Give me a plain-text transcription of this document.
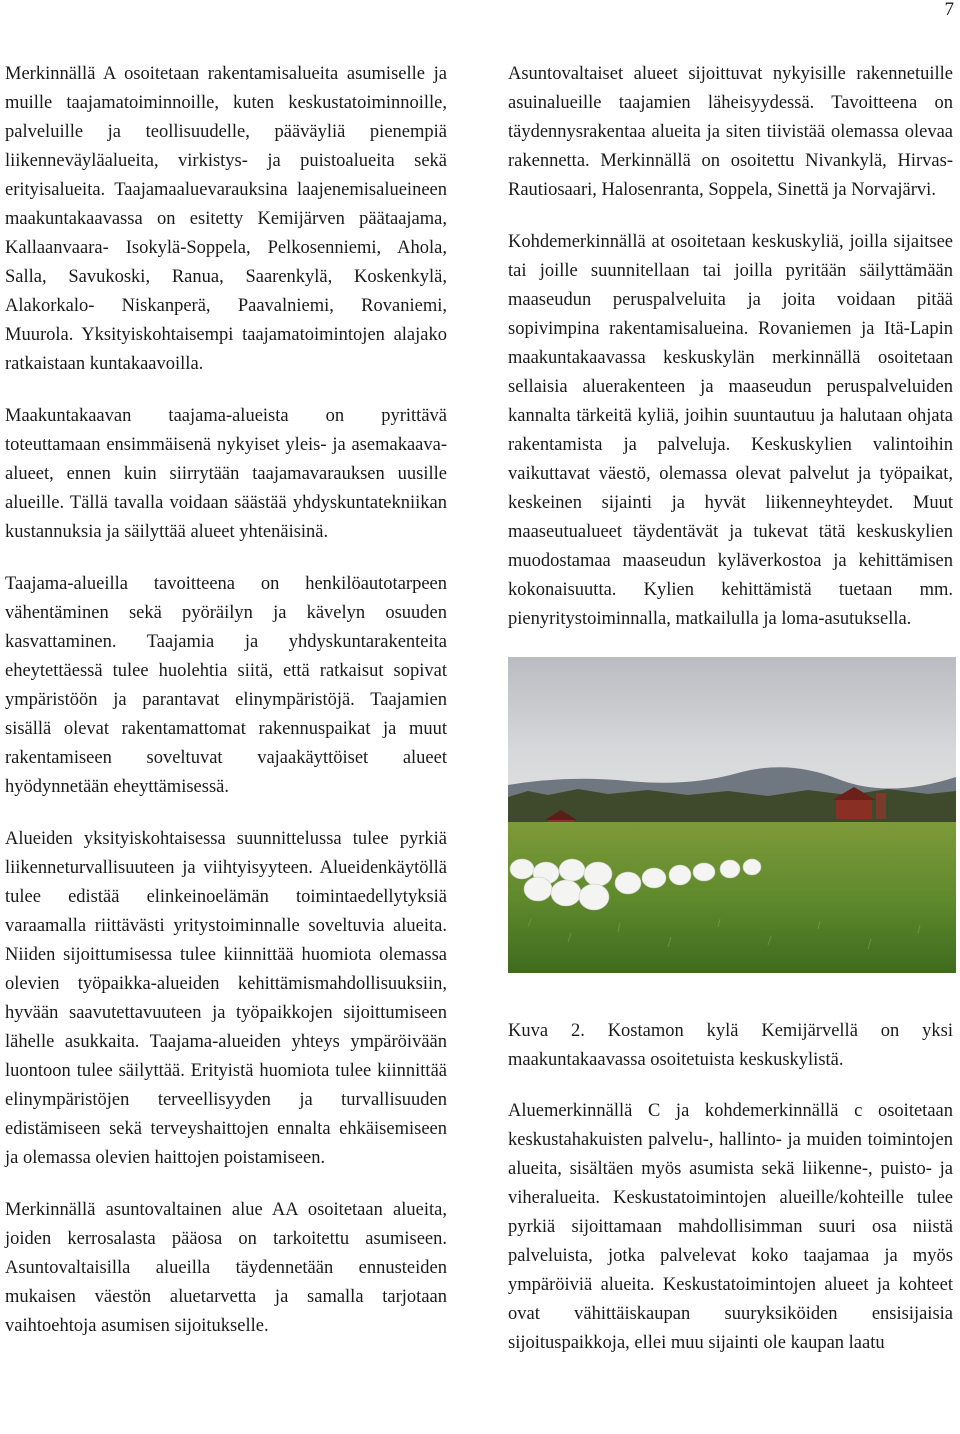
7

Merkinnällä A osoitetaan rakentamisalueita asumiselle ja muille taajamatoiminnoille, kuten keskustatoiminnoille, palveluille ja teollisuudelle, pääväyliä pienempiä liikenneväyläalueita, virkistys- ja puistoalueita sekä erityisalueita. Taajamaaluevarauksina laajenemisalueineen maakuntakaavassa on esitetty Kemijärven päätaajama, Kallaanvaara- Isokylä-Soppela, Pelkosenniemi, Ahola, Salla, Savukoski, Ranua, Saarenkylä, Koskenkylä, Alakorkalo- Niskanperä, Paavalniemi, Rovaniemi, Muurola. Yksityiskohtaisempi taajamatoimintojen alajako ratkaistaan kuntakaavoilla.

Maakuntakaavan taajama-alueista on pyrittävä toteuttamaan ensimmäisenä nykyiset yleis- ja asemakaava-alueet, ennen kuin siirrytään taajamavarauksen uusille alueille. Tällä tavalla voidaan säästää yhdyskuntatekniikan kustannuksia ja säilyttää alueet yhtenäisinä.

Taajama-alueilla tavoitteena on henkilöautotarpeen vähentäminen sekä pyöräilyn ja kävelyn osuuden kasvattaminen. Taajamia ja yhdyskuntarakenteita eheytettäessä tulee huolehtia siitä, että ratkaisut sopivat ympäristöön ja parantavat elinympäristöjä. Taajamien sisällä olevat rakentamattomat rakennuspaikat ja muut rakentamiseen soveltuvat vajaakäyttöiset alueet hyödynnetään eheyttämisessä.

Alueiden yksityiskohtaisessa suunnittelussa tulee pyrkiä liikenneturvallisuuteen ja viihtyisyyteen. Alueidenkäytöllä tulee edistää elinkeinoelämän toimintaedellytyksiä varaamalla riittävästi yritystoiminnalle soveltuvia alueita. Niiden sijoittumisessa tulee kiinnittää huomiota olemassa olevien työpaikka-alueiden kehittämismahdollisuuksiin, hyvään saavutettavuuteen ja työpaikkojen sijoittumiseen lähelle asukkaita. Taajama-alueiden yhteys ympäröivään luontoon tulee säilyttää. Erityistä huomiota tulee kiinnittää elinympäristöjen terveellisyyden ja turvallisuuden edistämiseen sekä terveyshaittojen ennalta ehkäisemiseen ja olemassa olevien haittojen poistamiseen.

Merkinnällä asuntovaltainen alue AA osoitetaan alueita, joiden kerrosalasta pääosa on tarkoitettu asumiseen. Asuntovaltaisilla alueilla täydennetään ennusteiden mukaisen väestön aluetarvetta ja samalla tarjotaan vaihtoehtoja asumisen sijoitukselle.

Asuntovaltaiset alueet sijoittuvat nykyisille rakennetuille asuinalueille taajamien läheisyydessä. Tavoitteena on täydennysrakentaa alueita ja siten tiivistää olemassa olevaa rakennetta. Merkinnällä on osoitettu Nivankylä, Hirvas-Rautiosaari, Halosenranta, Soppela, Sinettä ja Norvajärvi.

Kohdemerkinnällä at osoitetaan keskuskyliä, joilla sijaitsee tai joille suunnitellaan tai joilla pyritään säilyttämään maaseudun peruspalveluita ja joita voidaan pitää sopivimpina rakentamisalueina. Rovaniemen ja Itä-Lapin maakuntakaavassa keskuskylän merkinnällä osoitetaan sellaisia aluerakenteen ja maaseudun peruspalveluiden kannalta tärkeitä kyliä, joihin suuntautuu ja halutaan ohjata rakentamista ja palveluja. Keskuskylien valintoihin vaikuttavat väestö, olemassa olevat palvelut ja työpaikat, keskeinen sijainti ja hyvät liikenneyhteydet. Muut maaseutualueet täydentävät ja tukevat tätä keskuskylien muodostamaa maaseudun kyläverkostoa ja kehittämisen kokonaisuutta. Kylien kehittämistä tuetaan mm. pienyritystoiminnalla, matkailulla ja loma-asutuksella.

Kuva 2. Kostamon kylä Kemijärvellä on yksi maakuntakaavassa osoitetuista keskuskylistä.

Aluemerkinnällä C ja kohdemerkinnällä c osoitetaan keskustahakuisten palvelu-, hallinto- ja muiden toimintojen alueita, sisältäen myös asumista sekä liikenne-, puisto- ja viheralueita. Keskustatoimintojen alueille/kohteille tulee pyrkiä sijoittamaan mahdollisimman suuri osa niistä palveluista, jotka palvelevat koko taajamaa ja myös ympäröiviä alueita. Keskustatoimintojen alueet ja kohteet ovat vähittäiskaupan suuryksiköiden ensisijaisia sijoituspaikkoja, ellei muu sijainti ole kaupan laatu
